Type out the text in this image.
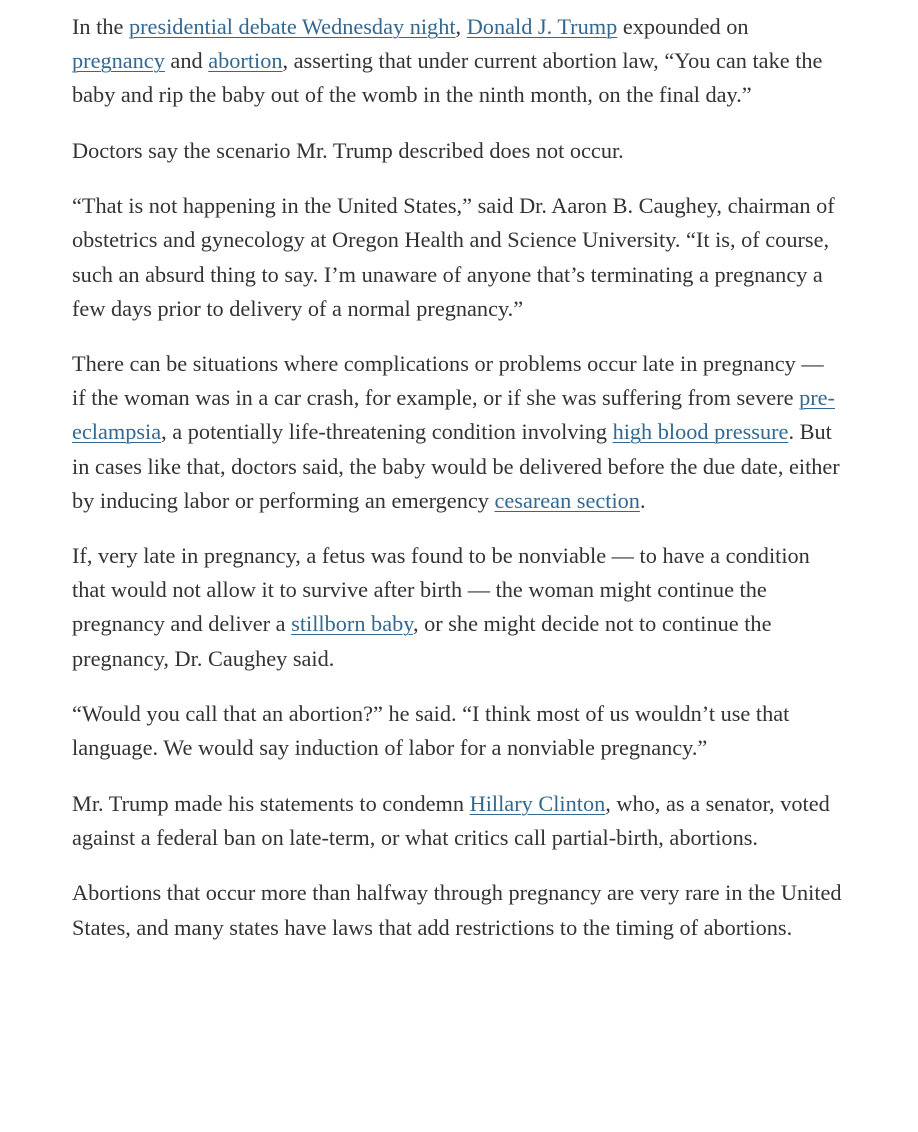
In the presidential debate Wednesday night, Donald J. Trump expounded on pregnancy and abortion, asserting that under current abortion law, “You can take the baby and rip the baby out of the womb in the ninth month, on the final day.”

Doctors say the scenario Mr. Trump described does not occur.

“That is not happening in the United States,” said Dr. Aaron B. Caughey, chairman of obstetrics and gynecology at Oregon Health and Science University. “It is, of course, such an absurd thing to say. I’m unaware of anyone that’s terminating a pregnancy a few days prior to delivery of a normal pregnancy.”

There can be situations where complications or problems occur late in pregnancy — if the woman was in a car crash, for example, or if she was suffering from severe pre-eclampsia, a potentially life-threatening condition involving high blood pressure. But in cases like that, doctors said, the baby would be delivered before the due date, either by inducing labor or performing an emergency cesarean section.

If, very late in pregnancy, a fetus was found to be nonviable — to have a condition that would not allow it to survive after birth — the woman might continue the pregnancy and deliver a stillborn baby, or she might decide not to continue the pregnancy, Dr. Caughey said.

“Would you call that an abortion?” he said. “I think most of us wouldn’t use that language. We would say induction of labor for a nonviable pregnancy.”

Mr. Trump made his statements to condemn Hillary Clinton, who, as a senator, voted against a federal ban on late-term, or what critics call partial-birth, abortions.

Abortions that occur more than halfway through pregnancy are very rare in the United States, and many states have laws that add restrictions to the timing of abortions.
